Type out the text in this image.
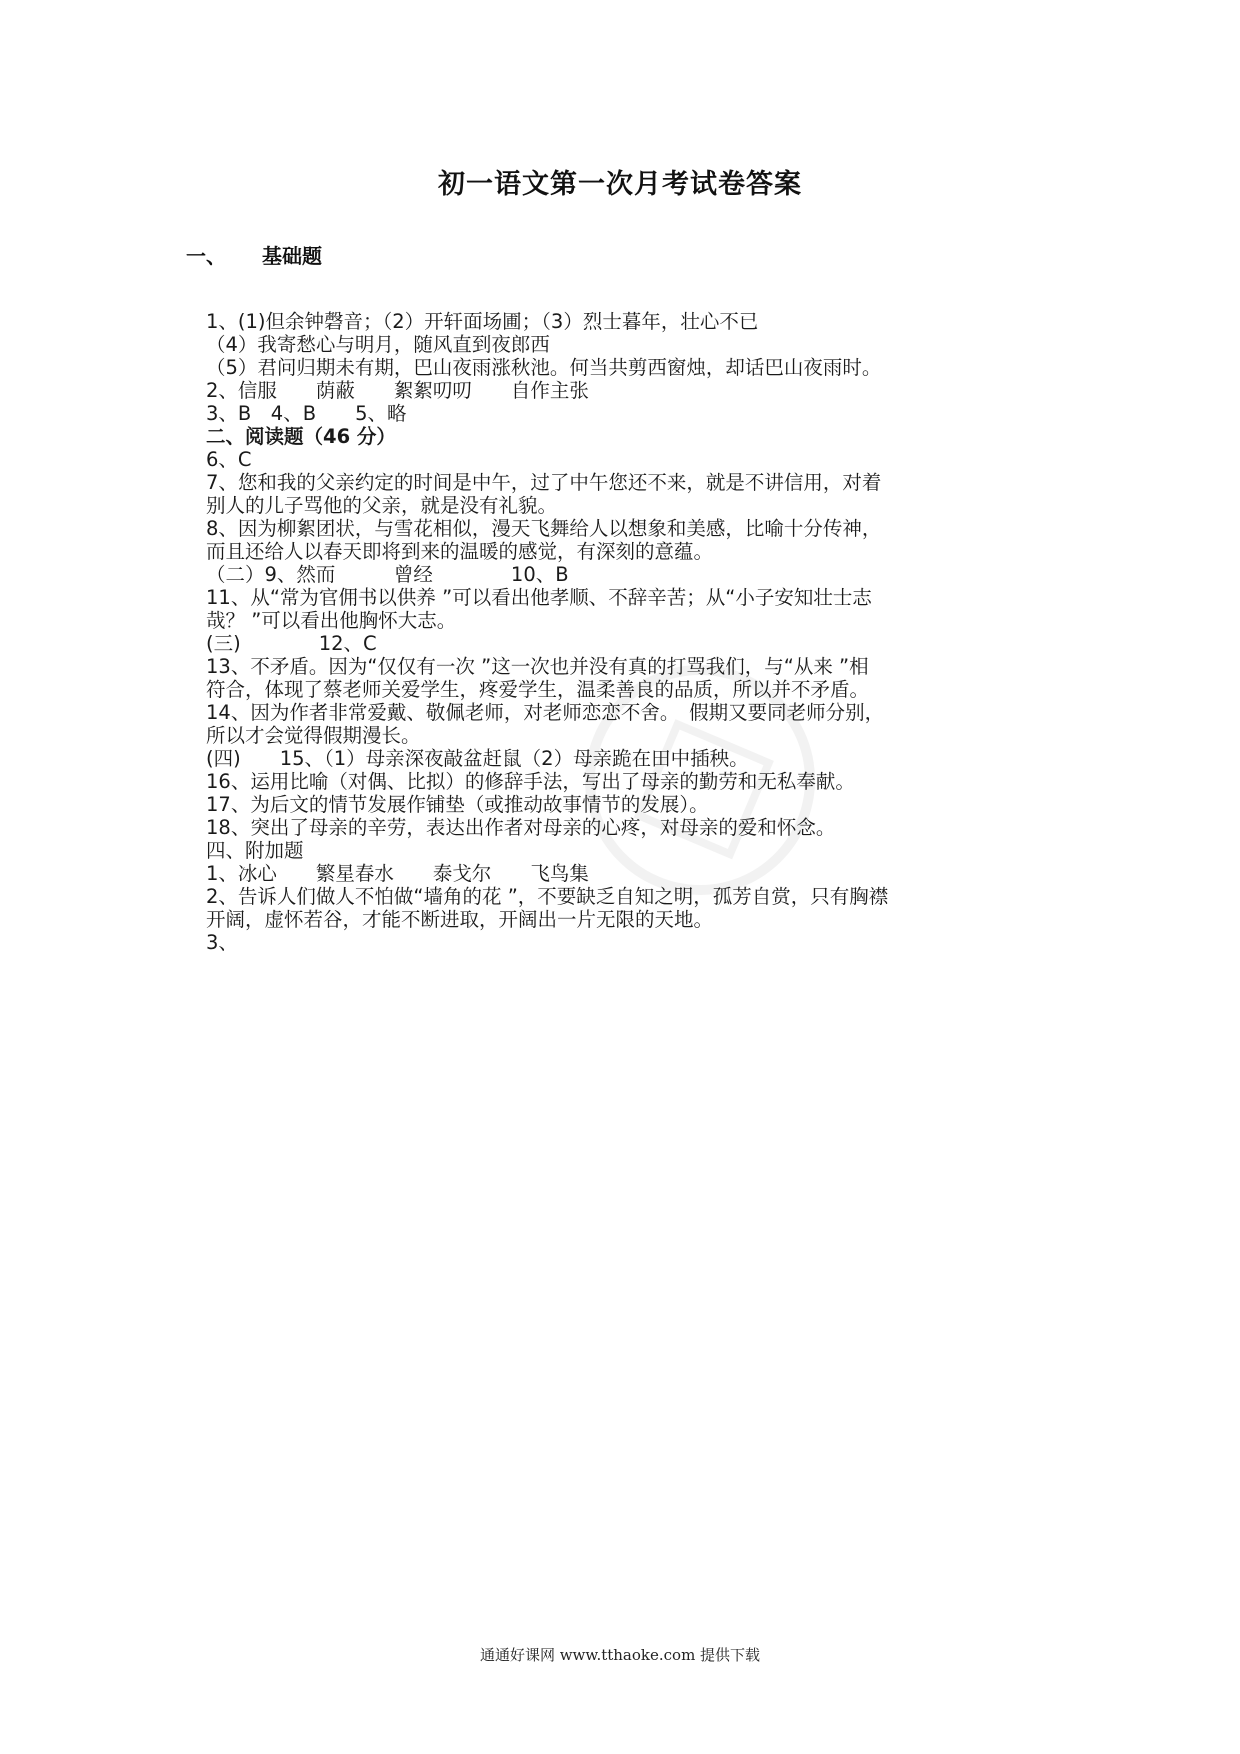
初一语文第一次月考试卷答案
一、 基础题
1、(1)但余钟磬音；（2）开轩面场圃；（3）烈士暮年，壮心不已
（4）我寄愁心与明月，随风直到夜郎西
（5）君问归期未有期，巴山夜雨涨秋池。何当共剪西窗烛，却话巴山夜雨时。
2、信服　　荫蔽　　絮絮叨叨　　自作主张
3、B　4、B　　5、略
二、阅读题（46 分）
6、C
7、您和我的父亲约定的时间是中午，过了中午您还不来，就是不讲信用，对着
别人的儿子骂他的父亲，就是没有礼貌。
8、因为柳絮团状，与雪花相似，漫天飞舞给人以想象和美感，比喻十分传神，
而且还给人以春天即将到来的温暖的感觉，有深刻的意蕴。
（二）9、然而　　　曾经　　　　10、B
11、从“常为官佣书以供养 ”可以看出他孝顺、不辞辛苦；从“小子安知壮士志
哉？ ”可以看出他胸怀大志。
(三)　　　　12、C
13、不矛盾。因为“仅仅有一次 ”这一次也并没有真的打骂我们，与“从来 ”相
符合，体现了蔡老师关爱学生，疼爱学生，温柔善良的品质，所以并不矛盾。
14、因为作者非常爱戴、敬佩老师，对老师恋恋不舍。　假期又要同老师分别，
所以才会觉得假期漫长。
(四)　　15、（1）母亲深夜敲盆赶鼠（2）母亲跪在田中插秧。
16、运用比喻（对偶、比拟）的修辞手法，写出了母亲的勤劳和无私奉献。
17、为后文的情节发展作铺垫（或推动故事情节的发展）。
18、突出了母亲的辛劳，表达出作者对母亲的心疼，对母亲的爱和怀念。
四、附加题
1、冰心　　繁星春水　　泰戈尔　　飞鸟集
2、告诉人们做人不怕做“墙角的花 ”，不要缺乏自知之明，孤芳自赏，只有胸襟
开阔，虚怀若谷，才能不断进取，开阔出一片无限的天地。
3、
通通好课网 www.tthaoke.com 提供下载
